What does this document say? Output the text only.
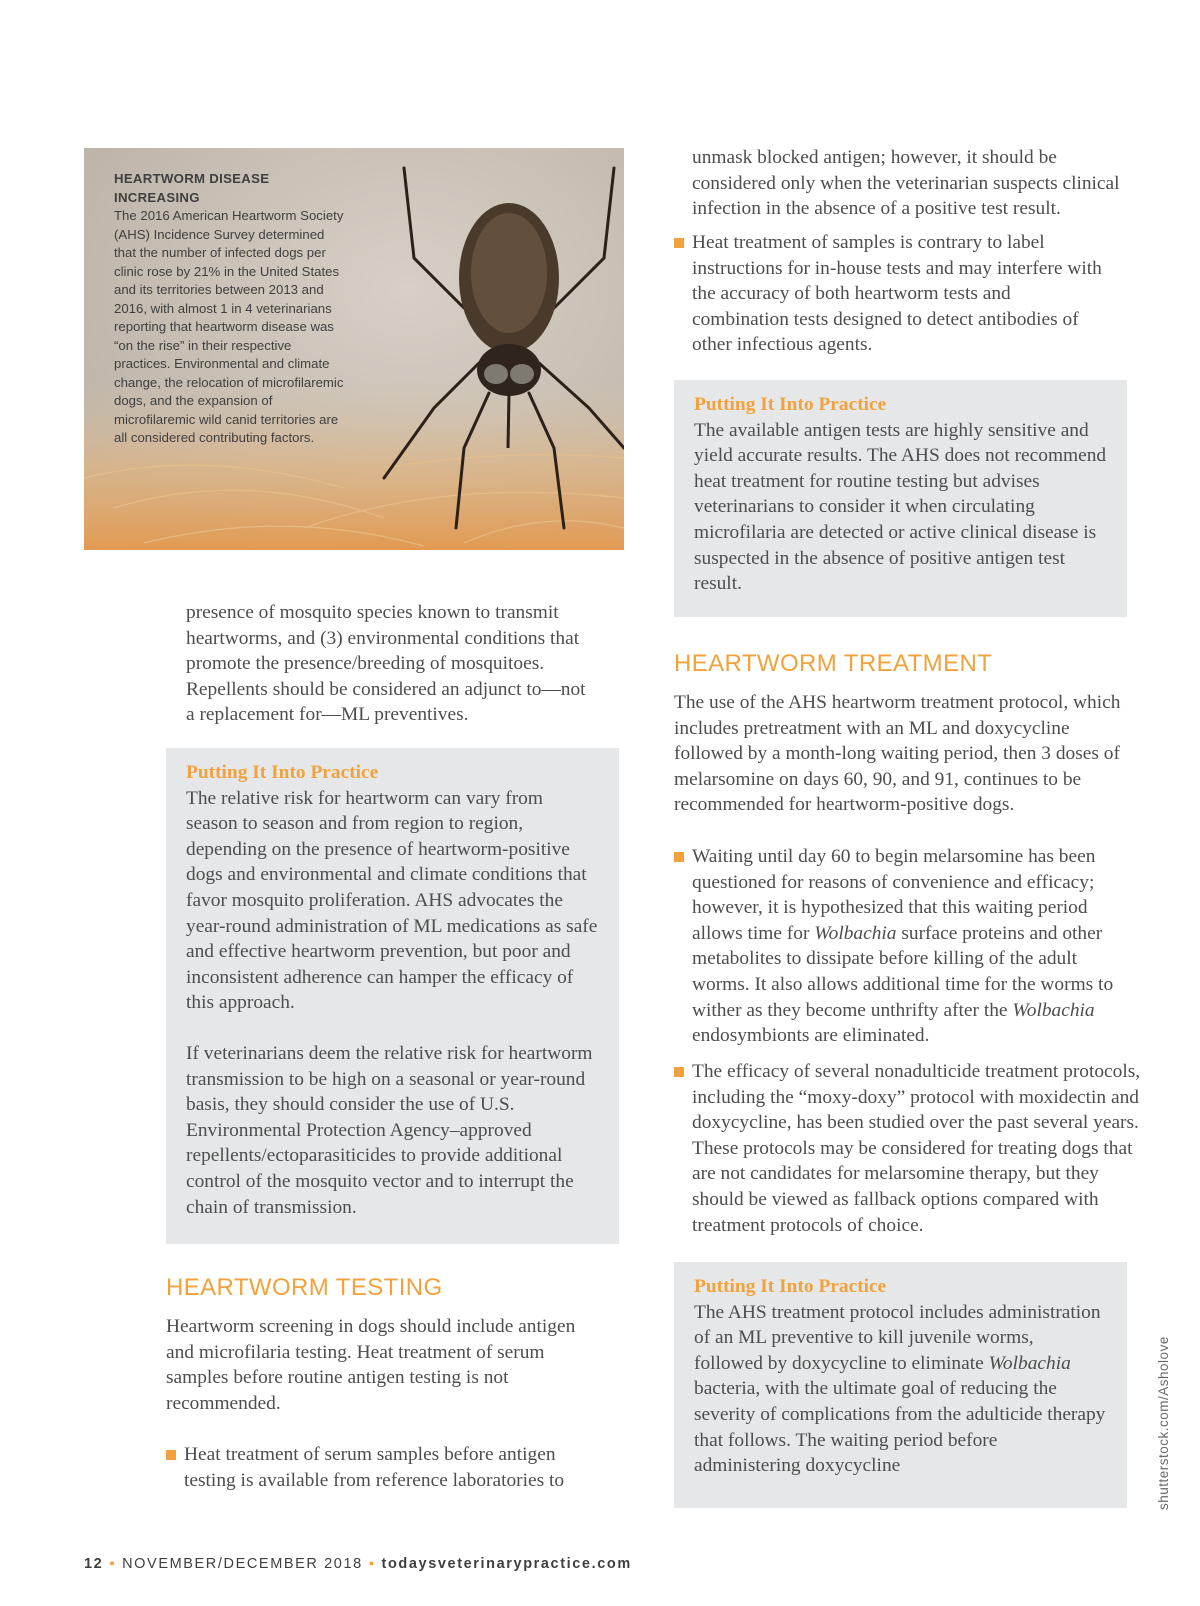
HEARTWORM DISEASE INCREASING
The 2016 American Heartworm Society (AHS) Incidence Survey determined that the number of infected dogs per clinic rose by 21% in the United States and its territories between 2013 and 2016, with almost 1 in 4 veterinarians reporting that heartworm disease was “on the rise” in their respective practices. Environmental and climate change, the relocation of microfilaremic dogs, and the expansion of microfilaremic wild canid territories are all considered contributing factors.

presence of mosquito species known to transmit heartworms, and (3) environmental conditions that promote the presence/breeding of mosquitoes. Repellents should be considered an adjunct to—not a replacement for—ML preventives.

Putting It Into Practice

The relative risk for heartworm can vary from season to season and from region to region, depending on the presence of heartworm-positive dogs and environmental and climate conditions that favor mosquito proliferation. AHS advocates the year-round administration of ML medications as safe and effective heartworm prevention, but poor and inconsistent adherence can hamper the efficacy of this approach.

If veterinarians deem the relative risk for heartworm transmission to be high on a seasonal or year-round basis, they should consider the use of U.S. Environmental Protection Agency–approved repellents/ectoparasiticides to provide additional control of the mosquito vector and to interrupt the chain of transmission.

HEARTWORM TESTING

Heartworm screening in dogs should include antigen and microfilaria testing. Heat treatment of serum samples before routine antigen testing is not recommended.

Heat treatment of serum samples before antigen testing is available from reference laboratories to

unmask blocked antigen; however, it should be considered only when the veterinarian suspects clinical infection in the absence of a positive test result.

Heat treatment of samples is contrary to label instructions for in-house tests and may interfere with the accuracy of both heartworm tests and combination tests designed to detect antibodies of other infectious agents.

Putting It Into Practice

The available antigen tests are highly sensitive and yield accurate results. The AHS does not recommend heat treatment for routine testing but advises veterinarians to consider it when circulating microfilaria are detected or active clinical disease is suspected in the absence of positive antigen test result.

HEARTWORM TREATMENT

The use of the AHS heartworm treatment protocol, which includes pretreatment with an ML and doxycycline followed by a month-long waiting period, then 3 doses of melarsomine on days 60, 90, and 91, continues to be recommended for heartworm-positive dogs.

Waiting until day 60 to begin melarsomine has been questioned for reasons of convenience and efficacy; however, it is hypothesized that this waiting period allows time for Wolbachia surface proteins and other metabolites to dissipate before killing of the adult worms. It also allows additional time for the worms to wither as they become unthrifty after the Wolbachia endosymbionts are eliminated.

The efficacy of several nonadulticide treatment protocols, including the “moxy-doxy” protocol with moxidectin and doxycycline, has been studied over the past several years. These protocols may be considered for treating dogs that are not candidates for melarsomine therapy, but they should be viewed as fallback options compared with treatment protocols of choice.

Putting It Into Practice

The AHS treatment protocol includes administration of an ML preventive to kill juvenile worms, followed by doxycycline to eliminate Wolbachia bacteria, with the ultimate goal of reducing the severity of complications from the adulticide therapy that follows. The waiting period before administering doxycycline	shutterstock.com/Asholove
12 ▪ NOVEMBER/DECEMBER 2018 ▪ todaysveterinarypractice.com
